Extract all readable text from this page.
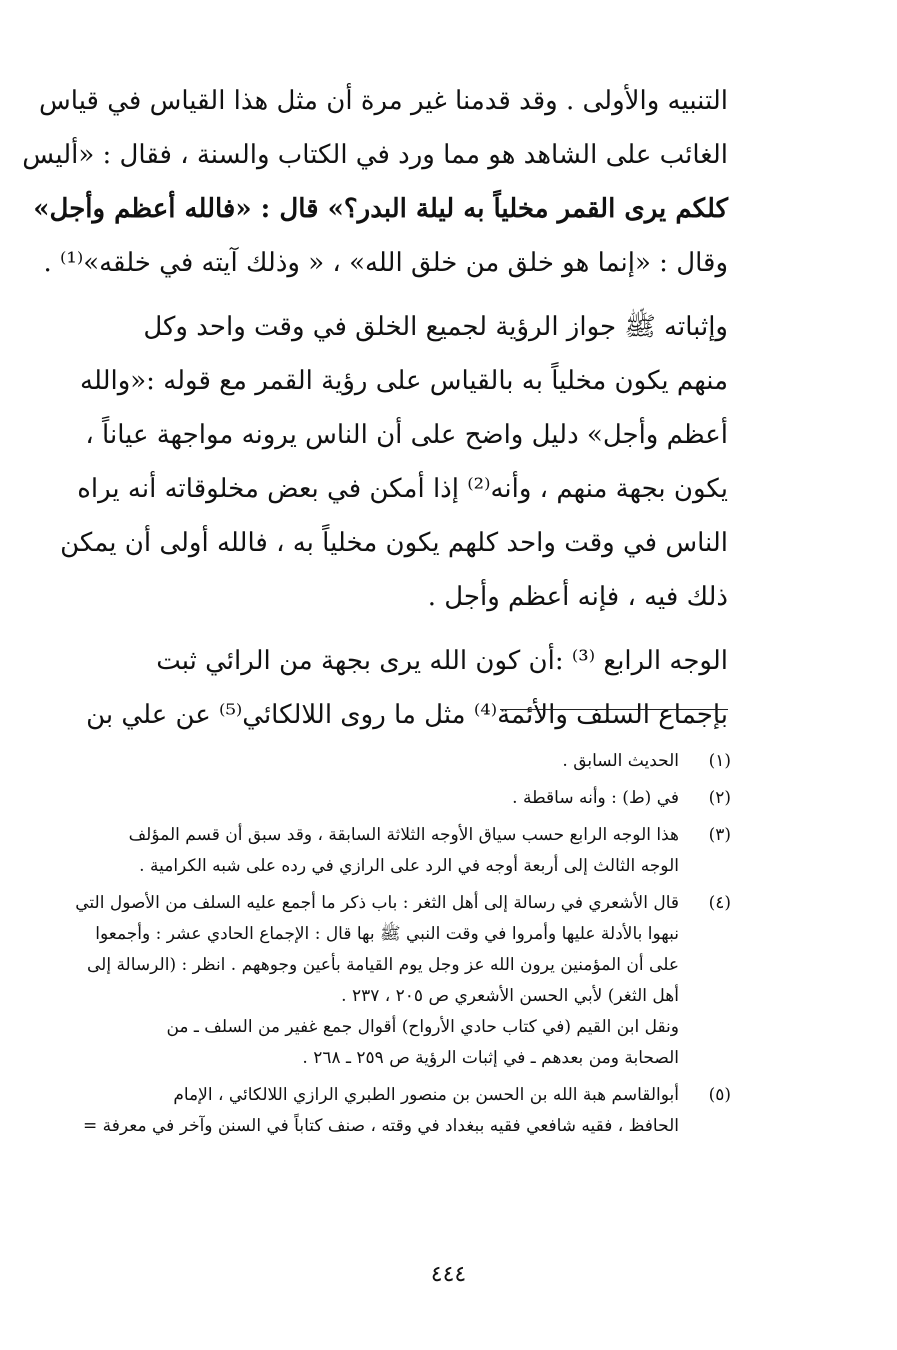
التنبيه والأولى . وقد قدمنا غير مرة أن مثل هذا القياس في قياس
الغائب على الشاهد هو مما ورد في الكتاب والسنة ، فقال : «أليس
كلكم يرى القمر مخلياً به ليلة البدر؟» قال : «فالله أعظم وأجل»
وقال : «إنما هو خلق من خلق الله» ، « وذلك آيته في خلقه»⁽¹⁾ .

وإثباته ﷺ جواز الرؤية لجميع الخلق في وقت واحد وكل
منهم يكون مخلياً به بالقياس على رؤية القمر مع قوله :«والله
أعظم وأجل» دليل واضح على أن الناس يرونه مواجهة عياناً ،
يكون بجهة منهم ، وأنه⁽²⁾ إذا أمكن في بعض مخلوقاته أنه يراه
الناس في وقت واحد كلهم يكون مخلياً به ، فالله أولى أن يمكن
ذلك فيه ، فإنه أعظم وأجل .

الوجه الرابع ⁽³⁾ :أن كون الله يرى بجهة من الرائي ثبت
بإجماع السلف والأئمة⁽⁴⁾ مثل ما روى اللالكائي⁽⁵⁾ عن علي بن

(١)
الحديث السابق .
(٢)
في (ط) : وأنه ساقطة .
(٣)
هذا الوجه الرابع حسب سياق الأوجه الثلاثة السابقة ، وقد سبق أن قسم المؤلف
الوجه الثالث إلى أربعة أوجه في الرد على الرازي في رده على شبه الكرامية .
(٤)
قال الأشعري في رسالة إلى أهل الثغر : باب ذكر ما أجمع عليه السلف من الأصول التي
نبهوا بالأدلة عليها وأمروا في وقت النبي ﷺ بها قال : الإجماع الحادي عشر : وأجمعوا
على أن المؤمنين يرون الله عز وجل يوم القيامة بأعين وجوههم . انظر : (الرسالة إلى
أهل الثغر) لأبي الحسن الأشعري ص ٢٠٥ ، ٢٣٧ .
ونقل ابن القيم (في كتاب حادي الأرواح) أقوال جمع غفير من السلف ـ من
الصحابة ومن بعدهم ـ في إثبات الرؤية ص ٢٥٩ ـ ٢٦٨ .
(٥)
أبوالقاسم هبة الله بن الحسن بن منصور الطبري الرازي اللالكائي ، الإمام
الحافظ ، فقيه شافعي فقيه ببغداد في وقته ، صنف كتاباً في السنن وآخر في معرفة =
٤٤٤
